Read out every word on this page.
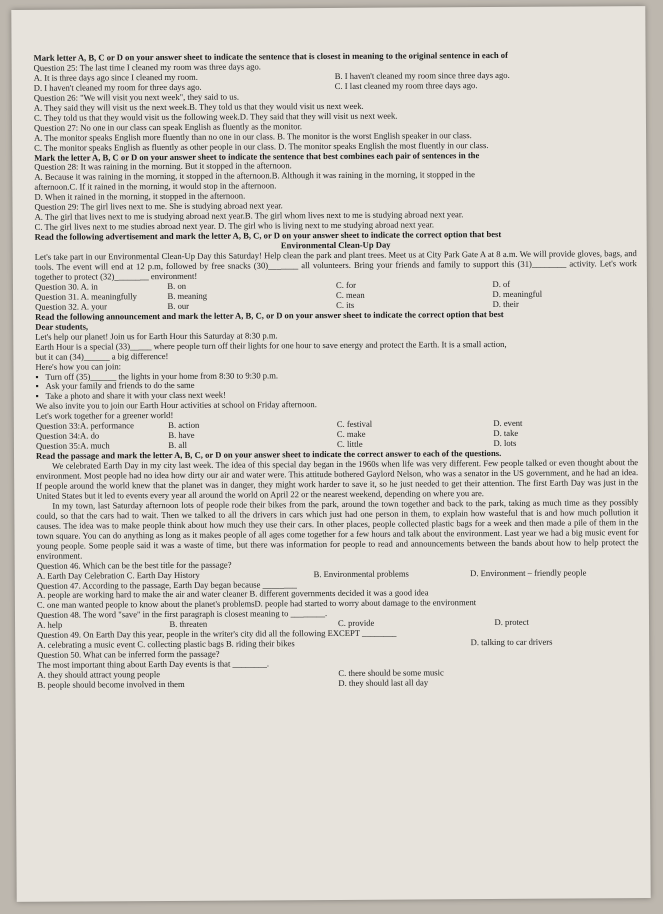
Mark letter A, B, C or D on your answer sheet to indicate the sentence that is closest in meaning to the original sentence in each of
Question 25: The last time I cleaned my room was three days ago.
A. It is three days ago since I cleaned my room.	B. I haven't cleaned my room since three days ago.
D. I haven't cleaned my room for three days ago.	C. I last cleaned my room three days ago.
Question 26: "We will visit you next week", they said to us.
A. They said they will visit us the next week.B. They told us that they would visit us next week.
C. They told us that they would visit us the following week.D. They said that they will visit us next week.
Question 27: No one in our class can speak English as fluently as the monitor.
A. The monitor speaks English more fluently than no one in our class. B. The monitor is the worst English speaker in our class.
C. The monitor speaks English as fluently as other people in our class. D. The monitor speaks English the most fluently in our class.
Mark the letter A, B, C or D on your answer sheet to indicate the sentence that best combines each pair of sentences in the
Question 28: It was raining in the morning. But it stopped in the afternoon.
A. Because it was raining in the morning, it stopped in the afternoon.B. Although it was raining in the morning, it stopped in the
afternoon.C. If it rained in the morning, it would stop in the afternoon.
D. When it rained in the morning, it stopped in the afternoon.
Question 29: The girl lives next to me. She is studying abroad next year.
A. The girl that lives next to me is studying abroad next year.B. The girl whom lives next to me is studying abroad next year.
C. The girl lives next to me studies abroad next year. D. The girl who is living next to me studying abroad next year.
Read the following advertisement and mark the letter A, B, C, or D on your answer sheet to indicate the correct option that best
Environmental Clean-Up Day
Let's take part in our Environmental Clean-Up Day this Saturday! Help clean the park and plant trees. Meet us at City Park Gate A at 8 a.m. We will provide gloves, bags, and tools. The event will end at 12 p.m, followed by free snacks (30)_______ all volunteers. Bring your friends and family to support this (31)________ activity. Let's work together to protect (32)________ environment!
Question 30. A. in	B. on	C. for	D. of
Question 31. A. meaningfully	B. meaning	C. mean	D. meaningful
Question 32. A. your	B. our	C. its	D. their
Read the following announcement and mark the letter A, B, C, or D on your answer sheet to indicate the correct option that best
Dear students,
Let's help our planet! Join us for Earth Hour this Saturday at 8:30 p.m.
Earth Hour is a special (33)_____ where people turn off their lights for one hour to save energy and protect the Earth. It is a small action,
but it can (34)______ a big difference!
Here's how you can join:
▪ Turn off (35)______ the lights in your home from 8:30 to 9:30 p.m.
▪ Ask your family and friends to do the same
▪ Take a photo and share it with your class next week!
We also invite you to join our Earth Hour activities at school on Friday afternoon.
Let's work together for a greener world!
Question 33:A. performance	B. action	C. festival	D. event
Question 34:A. do	B. have	C. make	D. take
Question 35:A. much	B. all	C. little	D. lots
Read the passage and mark the letter A, B, C, or D on your answer sheet to indicate the correct answer to each of the questions.
We celebrated Earth Day in my city last week. The idea of this special day began in the 1960s when life was very different. Few people talked or even thought about the environment. Most people had no idea how dirty our air and water were. This attitude bothered Gaylord Nelson, who was a senator in the US government, and he had an idea. If people around the world knew that the planet was in danger, they might work harder to save it, so he just needed to get their attention. The first Earth Day was just in the United States but it led to events every year all around the world on April 22 or the nearest weekend, depending on where you are.
In my town, last Saturday afternoon lots of people rode their bikes from the park, around the town together and back to the park, taking as much time as they possibly could, so that the cars had to wait. Then we talked to all the drivers in cars which just had one person in them, to explain how wasteful that is and how much pollution it causes. The idea was to make people think about how much they use their cars. In other places, people collected plastic bags for a week and then made a pile of them in the town square. You can do anything as long as it makes people of all ages come together for a few hours and talk about the environment. Last year we had a big music event for young people. Some people said it was a waste of time, but there was information for people to read and announcements between the bands about how to help protect the environment.
Question 46. Which can be the best title for the passage?
A. Earth Day Celebration C. Earth Day History	B. Environmental problems	D. Environment – friendly people
Question 47. According to the passage, Earth Day began because ________
A. people are working hard to make the air and water cleaner B. different governments decided it was a good idea
C. one man wanted people to know about the planet's problemsD. people had started to worry about damage to the environment
Question 48. The word "save" in the first paragraph is closest meaning to ________.
A. help	B. threaten	C. provide	D. protect
Question 49. On Earth Day this year, people in the writer's city did all the following EXCEPT ________
A. celebrating a music event C. collecting plastic bags B. riding their bikes	D. talking to car drivers
Question 50. What can be inferred form the passage?
The most important thing about Earth Day events is that ________.
A. they should attract young people	C. there should be some music
B. people should become involved in them	D. they should last all day
